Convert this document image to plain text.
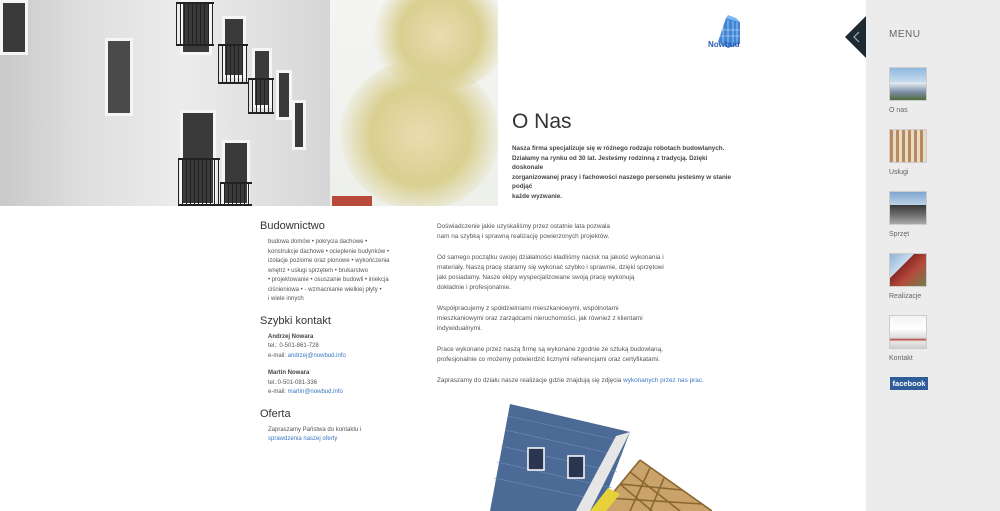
Nowbud
O Nas
Nasza firma specjalizuje się w różnego rodzaju robotach budowlanych.
Działamy na rynku od 30 lat. Jesteśmy rodzinną z tradycją. Dzięki
doskonale
zorganizowanej pracy i fachowości naszego personelu jesteśmy w stanie
podjąć
każde wyzwanie.
Budownictwo
budowa domów • pokrycia dachowe •
konstrukcje dachowe • ocieplenie budynków •
izolacje poziome oraz pionowe • wykończenia
wnętrz • usługi sprzętem • brukarstwo
• projektowanie • osuszanie budowli • iniekcja
ciśnieniowa • - wzmacnianie wielkiej płyty •
i wiele innych
Szybki kontakt
Andrzej Nowara
tel.: 0-501-861-728
e-mail: andrzej@nowbud.info
Martin Nowara
tel.:0-501-081-336
e-mail: martin@nowbud.info
Oferta
Zapraszamy Państwa do kontaktu i
sprawdzenia naszej oferty

Doświadczenie jakie uzyskaliśmy przez ostatnie lata pozwala
nam na szybką i sprawną realizację powierzonych projektów.

Od samego początku swojej działalności kładliśmy nacisk na jakość wykonania i
materiały. Naszą pracę staramy się wykonać szybko i sprawnie, dzięki sprzętowi
jaki posiadamy. Nasze ekipy wyspecjalizowane swoją pracę wykonują
dokładnie i profesjonalnie.

Współpracujemy z spółdzielniami mieszkaniowymi, wspólnotami
mieszkaniowymi oraz zarządcami nieruchomości, jak również z klientami
indywidualnymi.

Prace wykonane przez naszą firmę są wykonane zgodnie ze sztuką budowlaną,
profesjonalnie co możemy potwierdzić licznymi referencjami oraz certyfikatami.

Zapraszamy do działu nasze realizacje gdzie znajdują się zdjęcia wykonanych przez nas prac.

MENU
O nas
Usługi
Sprzęt
Realizacje
Kontakt
facebook
